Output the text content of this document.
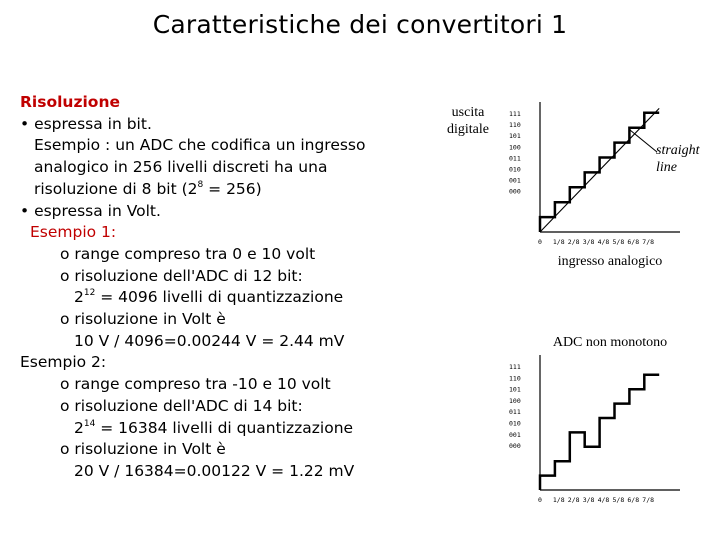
Caratteristiche dei convertitori 1
Risoluzione
• espressa in bit.
Esempio : un ADC che codifica un ingresso
analogico in 256 livelli discreti ha una
risoluzione di 8 bit $(2^8 = 256)$
• espressa in Volt.
Esempio 1:
o range compreso tra 0 e 10 volt
o risoluzione dell'ADC di 12 bit:
$2^{12} = 4096$ livelli di quantizzazione
o risoluzione in Volt è
10 V / 4096=0.00244 V = 2.44 mV
Esempio 2:
o range compreso tra -10 e 10 volt
o risoluzione dell'ADC di 14 bit:
$2^{14} = 16384$ livelli di quantizzazione
o risoluzione in Volt è
20 V / 16384=0.00122 V = 1.22 mV
uscita digitale
straight line
ingresso analogico
ADC non monotono
111
110
101
100
011
010
001
000
0 1/8 2/8 3/8 4/8 5/8 6/8 7/8
111
110
101
100
011
010
001
000
0 1/8 2/8 3/8 4/8 5/8 6/8 7/8
